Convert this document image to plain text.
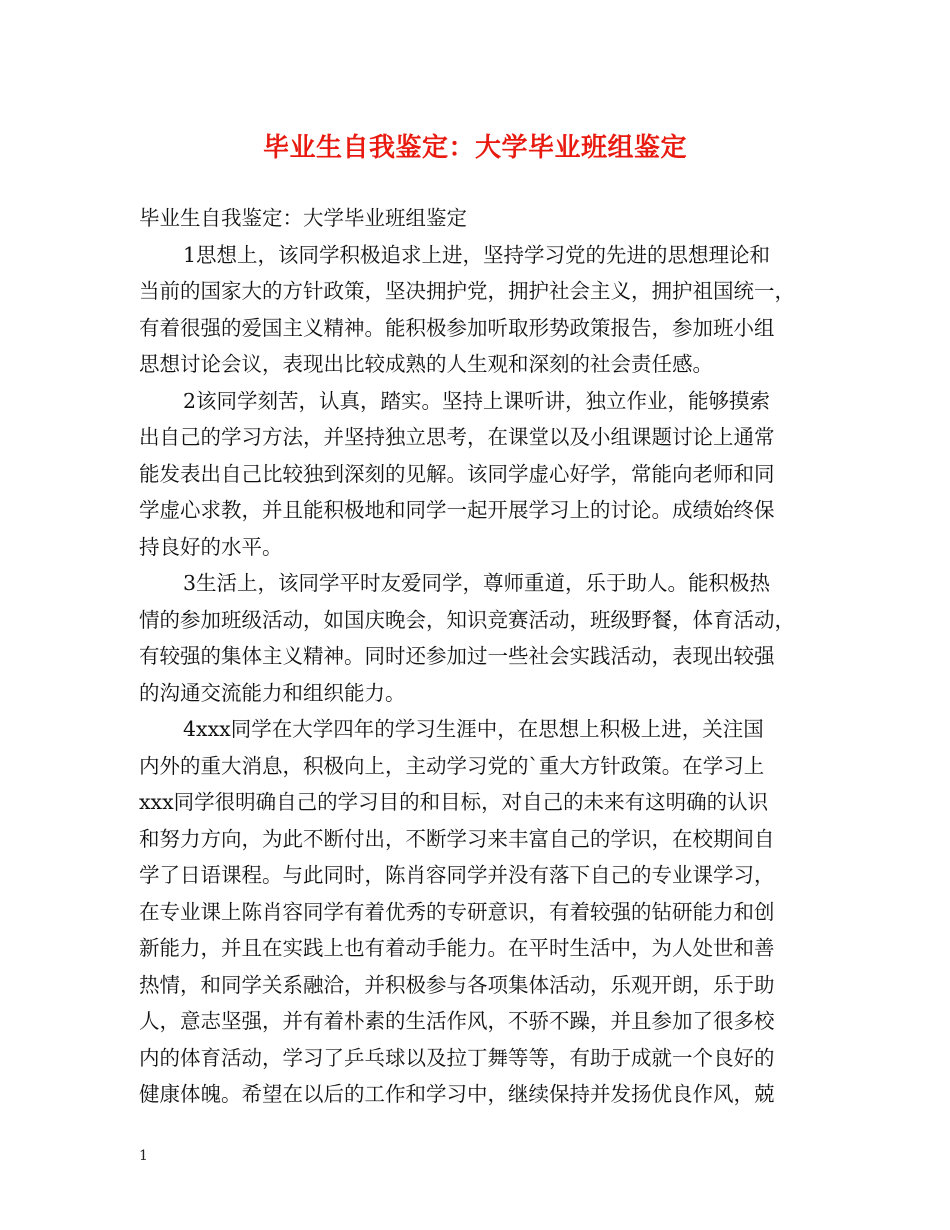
毕业生自我鉴定：大学毕业班组鉴定
毕业生自我鉴定：大学毕业班组鉴定
1思想上，该同学积极追求上进，坚持学习党的先进的思想理论和
当前的国家大的方针政策，坚决拥护党，拥护社会主义，拥护祖国统一，
有着很强的爱国主义精神。能积极参加听取形势政策报告，参加班小组
思想讨论会议，表现出比较成熟的人生观和深刻的社会责任感。
2该同学刻苦，认真，踏实。坚持上课听讲，独立作业，能够摸索
出自己的学习方法，并坚持独立思考，在课堂以及小组课题讨论上通常
能发表出自己比较独到深刻的见解。该同学虚心好学，常能向老师和同
学虚心求教，并且能积极地和同学一起开展学习上的讨论。成绩始终保
持良好的水平。
3生活上，该同学平时友爱同学，尊师重道，乐于助人。能积极热
情的参加班级活动，如国庆晚会，知识竞赛活动，班级野餐，体育活动，
有较强的集体主义精神。同时还参加过一些社会实践活动，表现出较强
的沟通交流能力和组织能力。
4xxx同学在大学四年的学习生涯中，在思想上积极上进，关注国
内外的重大消息，积极向上，主动学习党的`重大方针政策。在学习上
xxx同学很明确自己的学习目的和目标，对自己的未来有这明确的认识
和努力方向，为此不断付出，不断学习来丰富自己的学识，在校期间自
学了日语课程。与此同时，陈肖容同学并没有落下自己的专业课学习，
在专业课上陈肖容同学有着优秀的专研意识，有着较强的钻研能力和创
新能力，并且在实践上也有着动手能力。在平时生活中，为人处世和善
热情，和同学关系融洽，并积极参与各项集体活动，乐观开朗，乐于助
人，意志坚强，并有着朴素的生活作风，不骄不躁，并且参加了很多校
内的体育活动，学习了乒乓球以及拉丁舞等等，有助于成就一个良好的
健康体魄。希望在以后的工作和学习中，继续保持并发扬优良作风，兢
1
